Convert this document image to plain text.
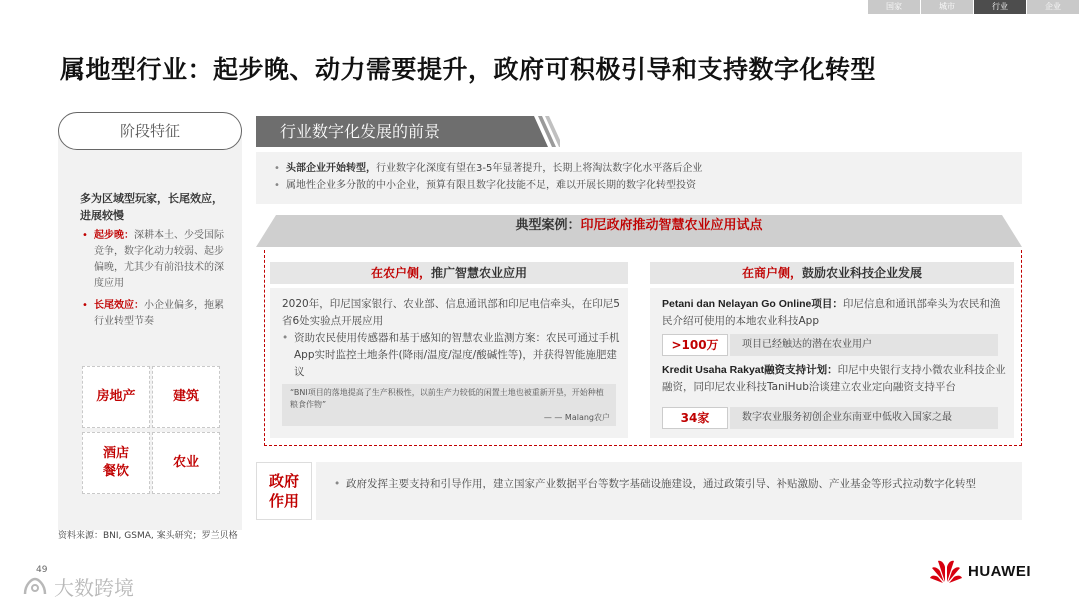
国家	城市	行业	企业
属地型行业：起步晚、动力需要提升，政府可积极引导和支持数字化转型
阶段特征
多为区域型玩家，长尾效应，进展较慢
• 起步晚：深耕本土、少受国际竞争，数字化动力较弱、起步偏晚，尤其少有前沿技术的深度应用
• 长尾效应：小企业偏多，拖累行业转型节奏
房地产	建筑
酒店
餐饮
农业
行业数字化发展的前景
• 头部企业开始转型，行业数字化深度有望在3-5年显著提升，长期上将淘汰数字化水平落后企业
• 属地性企业多分散的中小企业，预算有限且数字化技能不足，难以开展长期的数字化转型投资
典型案例：印尼政府推动智慧农业应用试点
在农户侧，推广智慧农业应用
2020年，印尼国家银行、农业部、信息通讯部和印尼电信牵头，在印尼5省6处实验点开展应用
• 资助农民使用传感器和基于感知的智慧农业监测方案：农民可通过手机App实时监控土地条件(降雨/温度/湿度/酸碱性等)，并获得智能施肥建议
“BNI项目的落地提高了生产积极性，以前生产力较低的闲置土地也被重新开垦，开始种植粮食作物”
— — Malang农户
在商户侧，鼓励农业科技企业发展
Petani dan Nelayan Go Online项目：印尼信息和通讯部牵头为农民和渔民介绍可使用的本地农业科技App
>100万	项目已经触达的潜在农业用户
Kredit Usaha Rakyat融资支持计划：印尼中央银行支持小微农业科技企业融资，同印尼农业科技TaniHub洽谈建立农业定向融资支持平台
34家	数字农业服务初创企业东南亚中低收入国家之最
政府作用
• 政府发挥主要支持和引导作用，建立国家产业数据平台等数字基础设施建设，通过政策引导、补贴激励、产业基金等形式拉动数字化转型
资料来源：BNI, GSMA, 案头研究；罗兰贝格
49
大数跨境
HUAWEI
